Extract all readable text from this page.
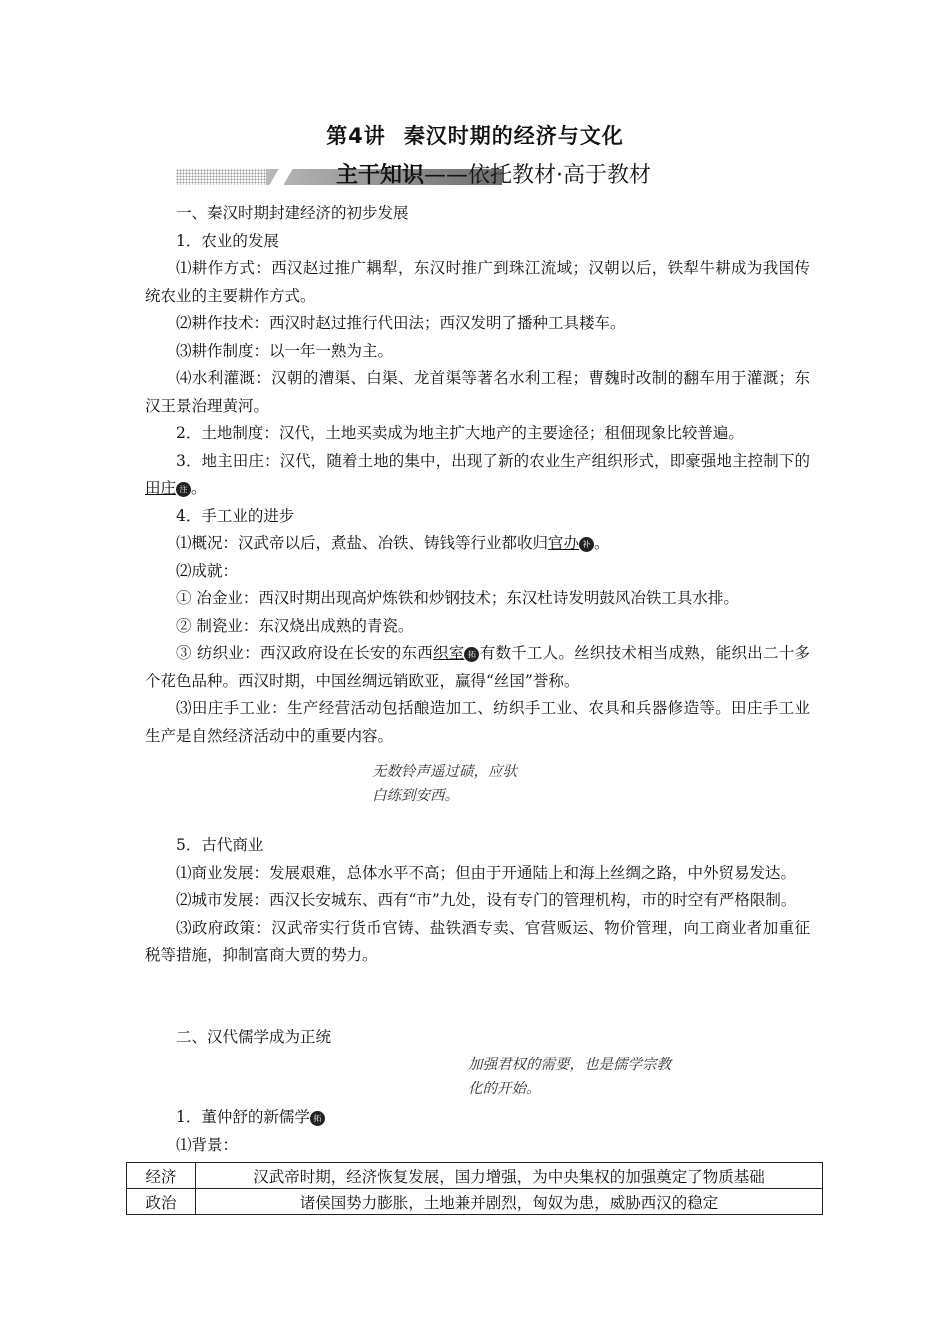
第4讲 秦汉时期的经济与文化
主干知识——依托教材·高于教材

一、秦汉时期封建经济的初步发展

1．农业的发展

⑴耕作方式：西汉赵过推广耦犁，东汉时推广到珠江流域；汉朝以后，铁犁牛耕成为我国传统农业的主要耕作方式。

⑵耕作技术：西汉时赵过推行代田法；西汉发明了播种工具耧车。

⑶耕作制度：以一年一熟为主。

⑷水利灌溉：汉朝的漕渠、白渠、龙首渠等著名水利工程；曹魏时改制的翻车用于灌溉；东汉王景治理黄河。

2．土地制度：汉代，土地买卖成为地主扩大地产的主要途径；租佃现象比较普遍。

3．地主田庄：汉代，随着土地的集中，出现了新的农业生产组织形式，即豪强地主控制下的田庄 注 。

4．手工业的进步

⑴概况：汉武帝以后，煮盐、冶铁、铸钱等行业都收归官办 补 。

⑵成就：

① 冶金业：西汉时期出现高炉炼铁和炒钢技术；东汉杜诗发明鼓风冶铁工具水排。

② 制瓷业：东汉烧出成熟的青瓷。

③ 纺织业：西汉政府设在长安的东西织室 拓 有数千工人。丝织技术相当成熟，能织出二十多个花色品种。西汉时期，中国丝绸远销欧亚，赢得“丝国”誉称。

⑶田庄手工业：生产经营活动包括酿造加工、纺织手工业、农具和兵器修造等。田庄手工业生产是自然经济活动中的重要内容。

无数铃声遥过碛，应驮
白练到安西。

5．古代商业

⑴商业发展：发展艰难，总体水平不高；但由于开通陆上和海上丝绸之路，中外贸易发达。

⑵城市发展：西汉长安城东、西有“市”九处，设有专门的管理机构，市的时空有严格限制。

⑶政府政策：汉武帝实行货币官铸、盐铁酒专卖、官营贩运、物价管理，向工商业者加重征税等措施，抑制富商大贾的势力。

二、汉代儒学成为正统

加强君权的需要，也是儒学宗教
化的开始。

1．董仲舒的新儒学 拓

⑴背景：

经济	汉武帝时期，经济恢复发展，国力增强，为中央集权的加强奠定了物质基础
政治	诸侯国势力膨胀，土地兼并剧烈，匈奴为患，威胁西汉的稳定
